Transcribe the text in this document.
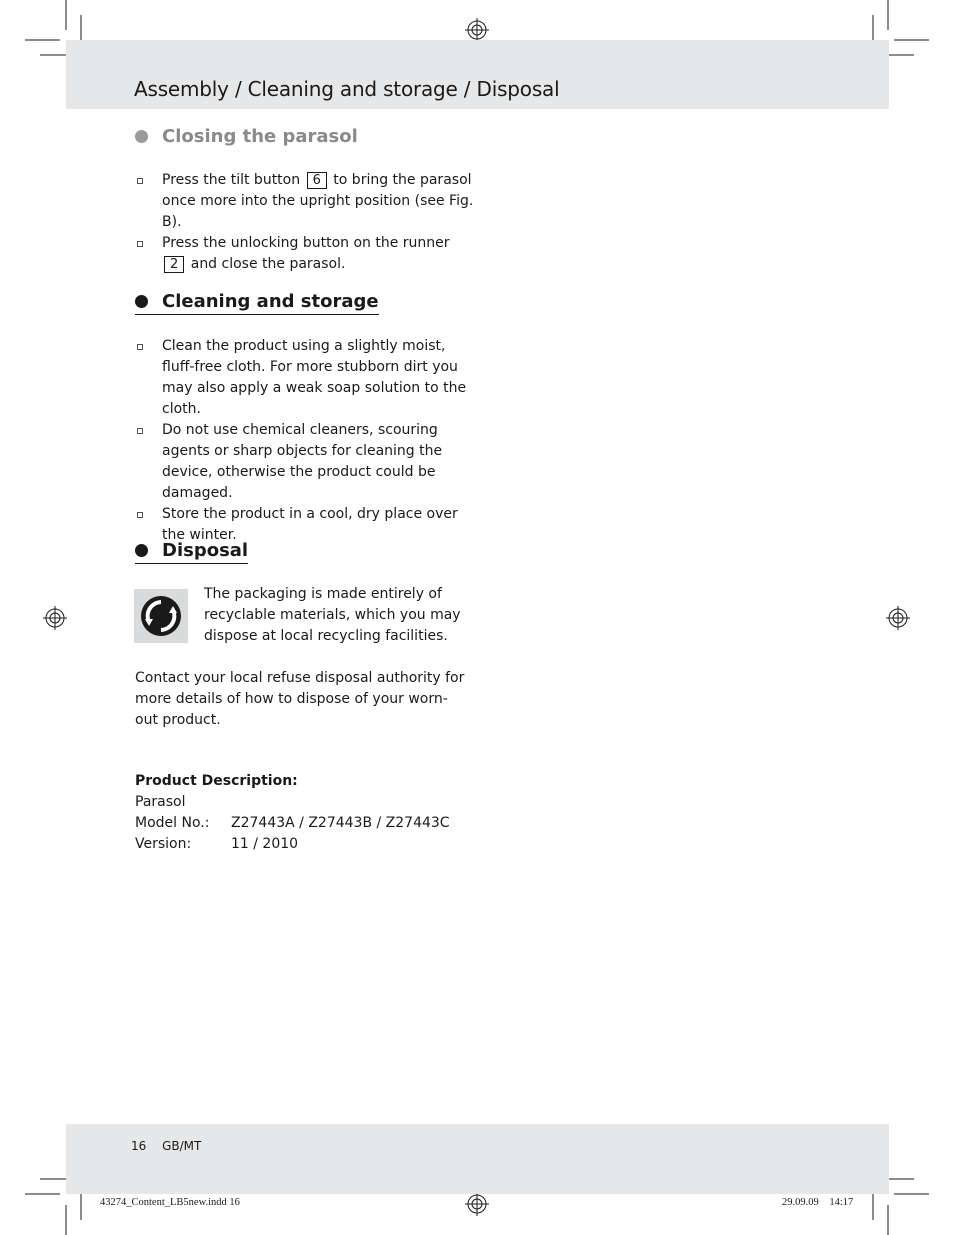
Assembly / Cleaning and storage / Disposal
Closing the parasol
Press the tilt button 6 to bring the parasol once more into the upright position (see Fig. B).
Press the unlocking button on the runner 2 and close the parasol.
Cleaning and storage
Clean the product using a slightly moist, fluff-free cloth. For more stubborn dirt you may also apply a weak soap solution to the cloth.
Do not use chemical cleaners, scouring agents or sharp objects for cleaning the device, otherwise the product could be damaged.
Store the product in a cool, dry place over the winter.
Disposal
The packaging is made entirely of recyclable materials, which you may dispose at local recycling facilities.
Contact your local refuse disposal authority for more details of how to dispose of your worn-out product.
Product Description:
Parasol
Model No.:	Z27443A / Z27443B / Z27443C
Version:	11 / 2010
16 GB/MT
43274_Content_LB5new.indd 16	29.09.09 14:17
